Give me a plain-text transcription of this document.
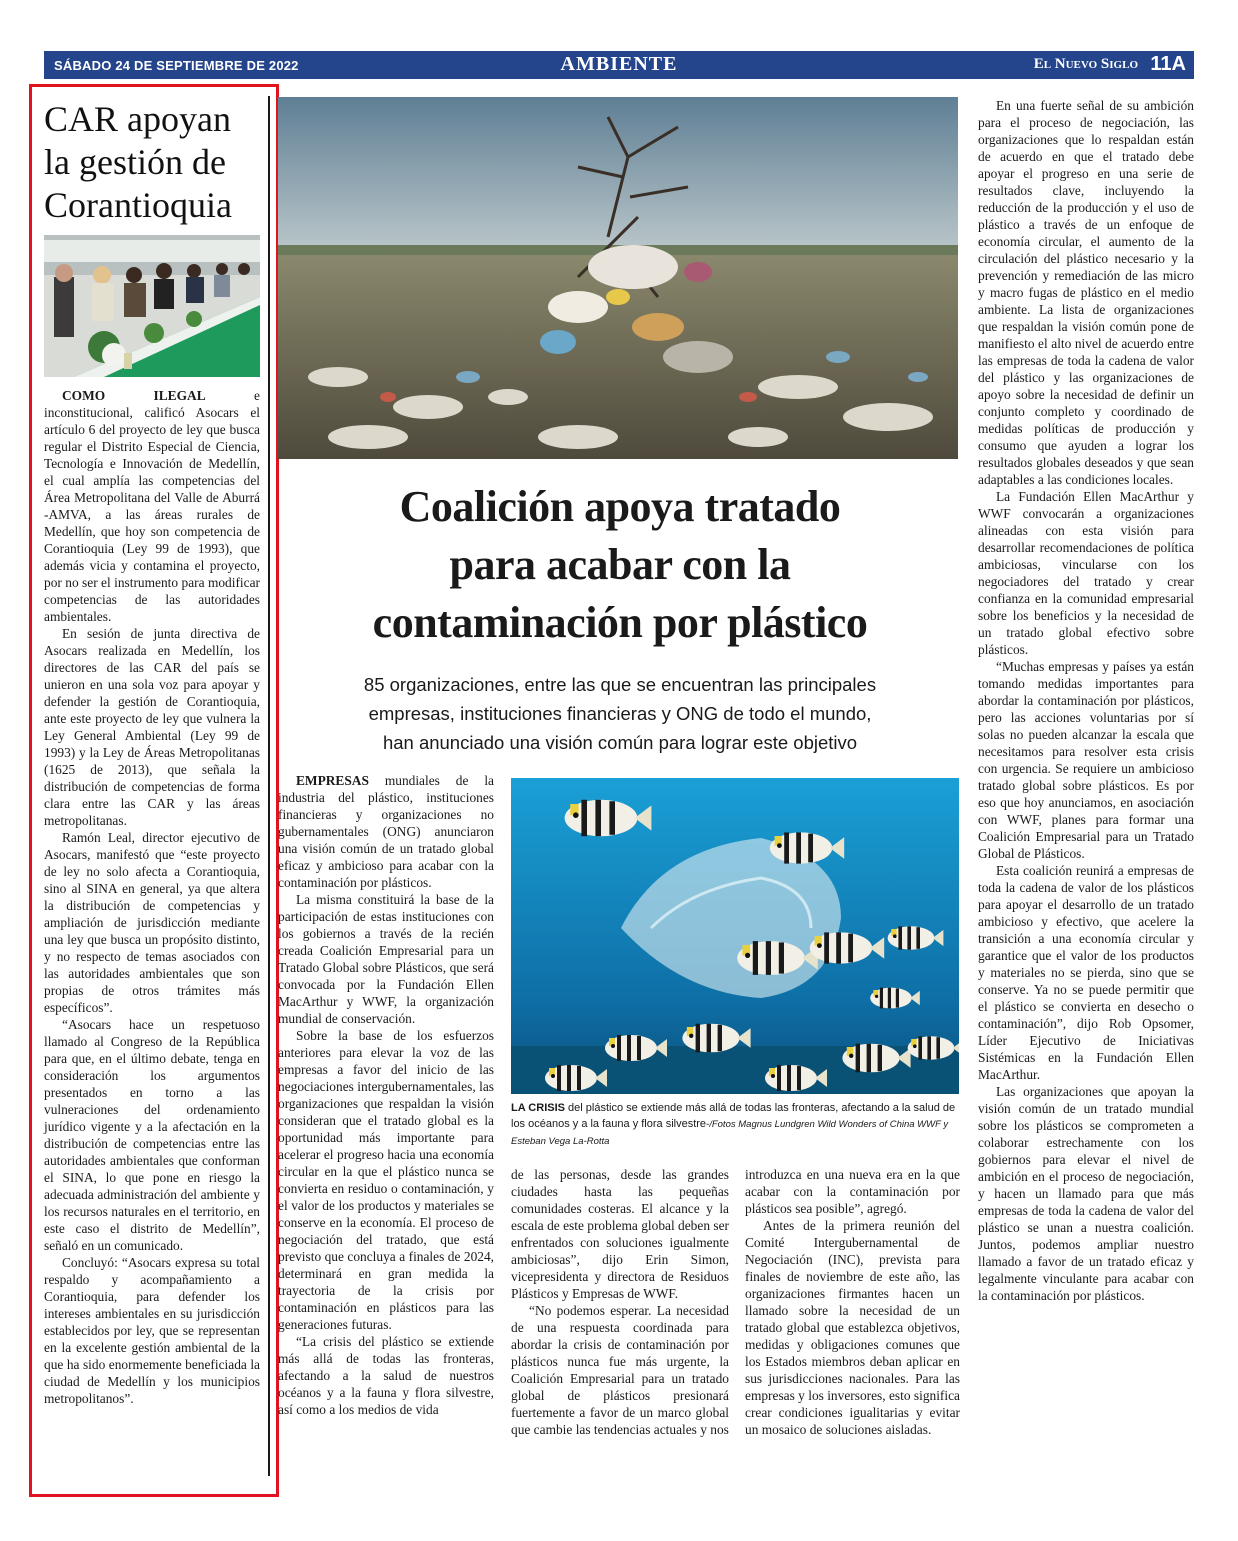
SÁBADO 24 DE SEPTIEMBRE DE 2022	AMBIENTE	El Nuevo Siglo 11A
CAR apoyan
la gestión de
Corantioquia

COMO ILEGAL e inconstitucional, calificó Asocars el artículo 6 del proyecto de ley que busca regular el Distrito Especial de Ciencia, Tecnología e Innovación de Medellín, el cual amplía las competencias del Área Metropolitana del Valle de Aburrá -AMVA, a las áreas rurales de Medellín, que hoy son competencia de Corantioquia (Ley 99 de 1993), que además vicia y contamina el proyecto, por no ser el instrumento para modificar competencias de las autoridades ambientales.

En sesión de junta directiva de Asocars realizada en Medellín, los directores de las CAR del país se unieron en una sola voz para apoyar y defender la gestión de Corantioquia, ante este proyecto de ley que vulnera la Ley General Ambiental (Ley 99 de 1993) y la Ley de Áreas Metropolitanas (1625 de 2013), que señala la distribución de competencias de forma clara entre las CAR y las áreas metropolitanas.

Ramón Leal, director ejecutivo de Asocars, manifestó que “este proyecto de ley no solo afecta a Corantioquia, sino al SINA en general, ya que altera la distribución de competencias y ampliación de jurisdicción mediante una ley que busca un propósito distinto, y no respecto de temas asociados con las autoridades ambientales que son propias de otros trámites más específicos”.

“Asocars hace un respetuoso llamado al Congreso de la República para que, en el último debate, tenga en consideración los argumentos presentados en torno a las vulneraciones del ordenamiento jurídico vigente y a la afectación en la distribución de competencias entre las autoridades ambientales que conforman el SINA, lo que pone en riesgo la adecuada administración del ambiente y los recursos naturales en el territorio, en este caso el distrito de Medellín”, señaló en un comunicado.

Concluyó: “Asocars expresa su total respaldo y acompañamiento a Corantioquia, para defender los intereses ambientales en su jurisdicción establecidos por ley, que se representan en la excelente gestión ambiental de la que ha sido enormemente beneficiada la ciudad de Medellín y los municipios metropolitanos”.

Coalición apoya tratado
para acabar con la
contaminación por plástico
85 organizaciones, entre las que se encuentran las principales
empresas, instituciones financieras y ONG de todo el mundo,
han anunciado una visión común para lograr este objetivo

EMPRESAS mundiales de la industria del plástico, instituciones financieras y organizaciones no gubernamentales (ONG) anunciaron una visión común de un tratado global eficaz y ambicioso para acabar con la contaminación por plásticos.

La misma constituirá la base de la participación de estas instituciones con los gobiernos a través de la recién creada Coalición Empresarial para un Tratado Global sobre Plásticos, que será convocada por la Fundación Ellen MacArthur y WWF, la organización mundial de conservación.

Sobre la base de los esfuerzos anteriores para elevar la voz de las empresas a favor del inicio de las negociaciones intergubernamentales, las organizaciones que respaldan la visión consideran que el tratado global es la oportunidad más importante para acelerar el progreso hacia una economía circular en la que el plástico nunca se convierta en residuo o contaminación, y el valor de los productos y materiales se conserve en la economía. El proceso de negociación del tratado, que está previsto que concluya a finales de 2024, determinará en gran medida la trayectoria de la crisis por contaminación en plásticos para las generaciones futuras.

“La crisis del plástico se extiende más allá de todas las fronteras, afectando a la salud de nuestros océanos y a la fauna y flora silvestre, así como a los medios de vida

LA CRISIS del plástico se extiende más allá de todas las fronteras, afectando a la salud de los océanos y a la fauna y flora silvestre-/Fotos Magnus Lundgren Wild Wonders of China WWF y Esteban Vega La-Rotta

de las personas, desde las grandes ciudades hasta las pequeñas comunidades costeras. El alcance y la escala de este problema global deben ser enfrentados con soluciones igualmente ambiciosas”, dijo Erin Simon, vicepresidenta y directora de Residuos Plásticos y Empresas de WWF.

“No podemos esperar. La necesidad de una respuesta coordinada para abordar la crisis de contaminación por plásticos nunca fue más urgente, la Coalición Empresarial para un tratado global de plásticos presionará fuertemente a favor de un marco global que cambie las tendencias actuales y nos

introduzca en una nueva era en la que acabar con la contaminación por plásticos sea posible”, agregó.

Antes de la primera reunión del Comité Intergubernamental de Negociación (INC), prevista para finales de noviembre de este año, las organizaciones firmantes hacen un llamado sobre la necesidad de un tratado global que establezca objetivos, medidas y obligaciones comunes que los Estados miembros deban aplicar en sus jurisdicciones nacionales. Para las empresas y los inversores, esto significa crear condiciones igualitarias y evitar un mosaico de soluciones aisladas.

En una fuerte señal de su ambición para el proceso de negociación, las organizaciones que lo respaldan están de acuerdo en que el tratado debe apoyar el progreso en una serie de resultados clave, incluyendo la reducción de la producción y el uso de plástico a través de un enfoque de economía circular, el aumento de la circulación del plástico necesario y la prevención y remediación de las micro y macro fugas de plástico en el medio ambiente. La lista de organizaciones que respaldan la visión común pone de manifiesto el alto nivel de acuerdo entre las empresas de toda la cadena de valor del plástico y las organizaciones de apoyo sobre la necesidad de definir un conjunto completo y coordinado de medidas políticas de producción y consumo que ayuden a lograr los resultados globales deseados y que sean adaptables a las condiciones locales.

La Fundación Ellen MacArthur y WWF convocarán a organizaciones alineadas con esta visión para desarrollar recomendaciones de política ambiciosas, vincularse con los negociadores del tratado y crear confianza en la comunidad empresarial sobre los beneficios y la necesidad de un tratado global efectivo sobre plásticos.

“Muchas empresas y países ya están tomando medidas importantes para abordar la contaminación por plásticos, pero las acciones voluntarias por sí solas no pueden alcanzar la escala que necesitamos para resolver esta crisis con urgencia. Se requiere un ambicioso tratado global sobre plásticos. Es por eso que hoy anunciamos, en asociación con WWF, planes para formar una Coalición Empresarial para un Tratado Global de Plásticos.

Esta coalición reunirá a empresas de toda la cadena de valor de los plásticos para apoyar el desarrollo de un tratado ambicioso y efectivo, que acelere la transición a una economía circular y garantice que el valor de los productos y materiales no se pierda, sino que se conserve. Ya no se puede permitir que el plástico se convierta en desecho o contaminación”, dijo Rob Opsomer, Líder Ejecutivo de Iniciativas Sistémicas en la Fundación Ellen MacArthur.

Las organizaciones que apoyan la visión común de un tratado mundial sobre los plásticos se comprometen a colaborar estrechamente con los gobiernos para elevar el nivel de ambición en el proceso de negociación, y hacen un llamado para que más empresas de toda la cadena de valor del plástico se unan a nuestra coalición. Juntos, podemos ampliar nuestro llamado a favor de un tratado eficaz y legalmente vinculante para acabar con la contaminación por plásticos.
